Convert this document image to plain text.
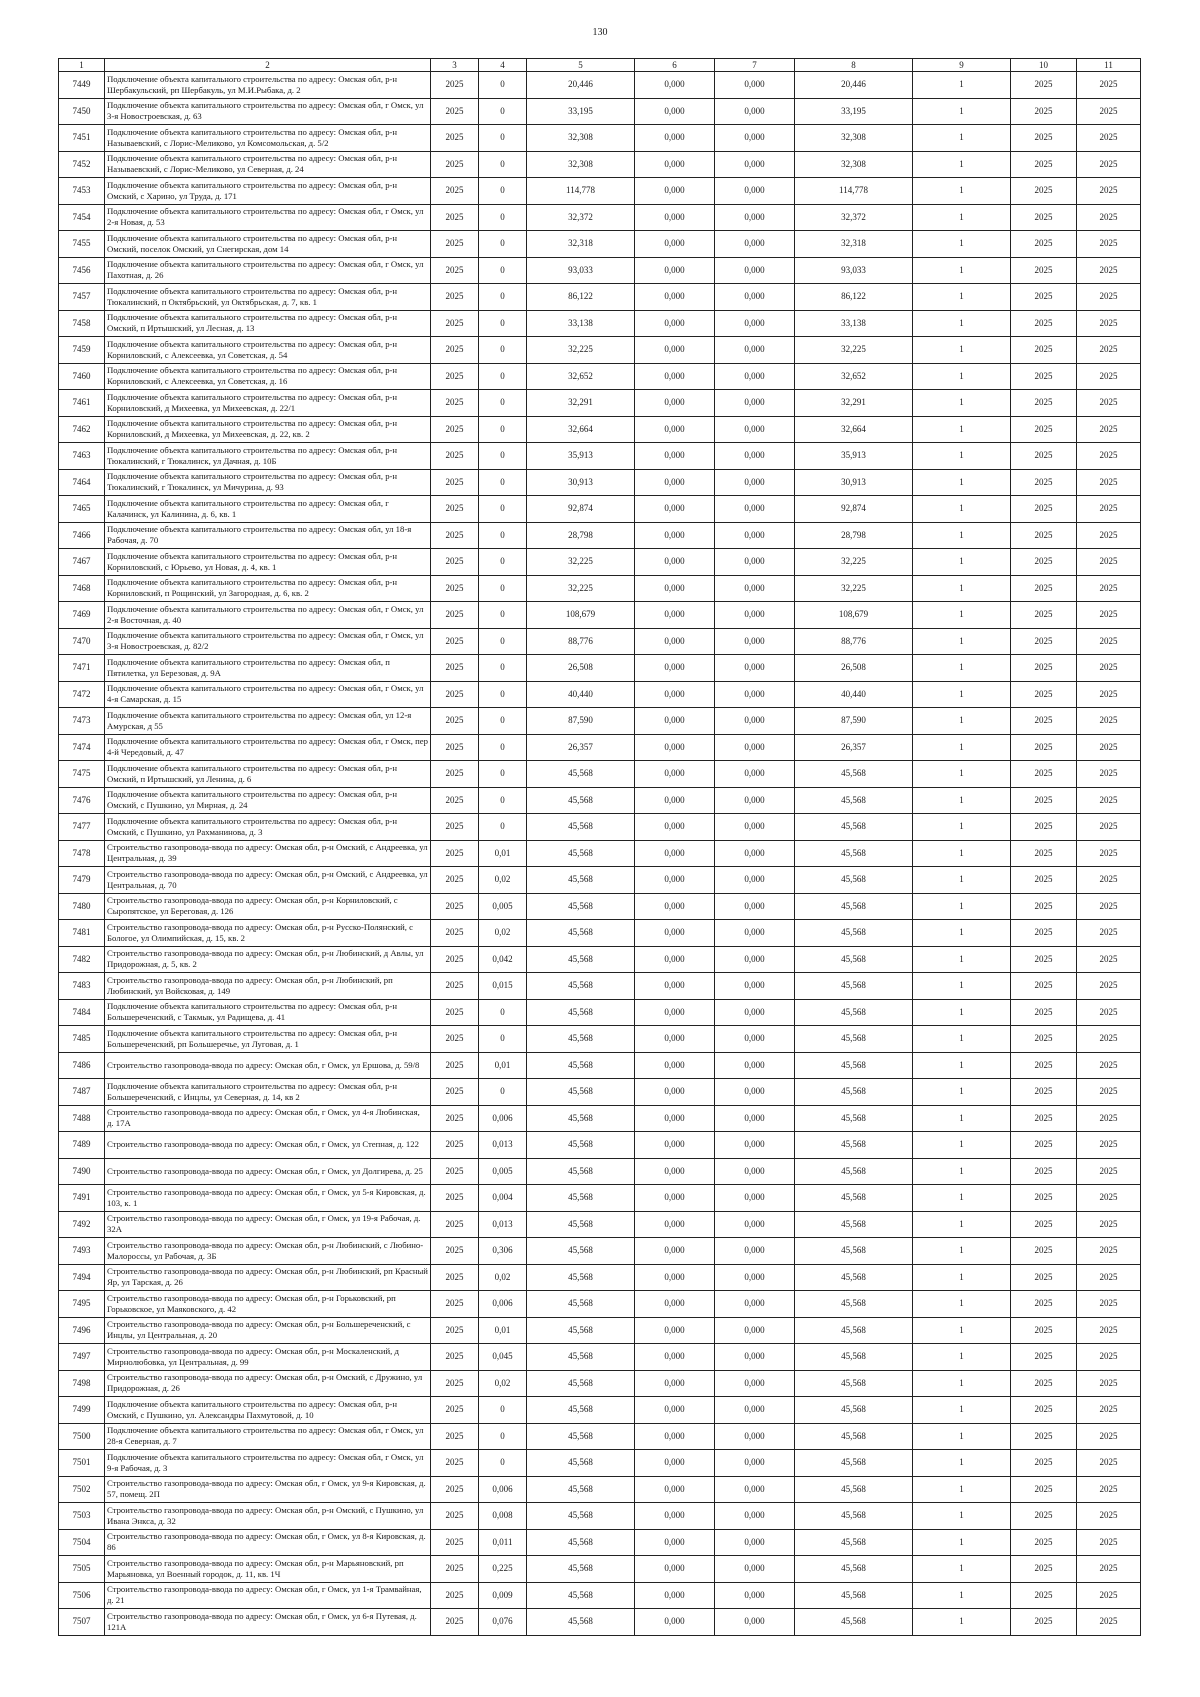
130
1	2	3	4	5	6	7	8	9	10	11
7449	Подключение объекта капитального строительства по адресу: Омская обл, р-н Шербакульский, рп Шербакуль, ул М.И.Рыбака, д. 2	2025	0	20,446	0,000	0,000	20,446	1	2025	2025
7450	Подключение объекта капитального строительства по адресу: Омская обл, г Омск, ул 3-я Новостроевская, д. 63	2025	0	33,195	0,000	0,000	33,195	1	2025	2025
7451	Подключение объекта капитального строительства по адресу: Омская обл, р-н Называевский, с Лорис-Меликово, ул Комсомольская, д. 5/2	2025	0	32,308	0,000	0,000	32,308	1	2025	2025
7452	Подключение объекта капитального строительства по адресу: Омская обл, р-н Называевский, с Лорис-Меликово, ул Северная, д. 24	2025	0	32,308	0,000	0,000	32,308	1	2025	2025
7453	Подключение объекта капитального строительства по адресу: Омская обл, р-н Омский, с Харино, ул Труда, д. 171	2025	0	114,778	0,000	0,000	114,778	1	2025	2025
7454	Подключение объекта капитального строительства по адресу: Омская обл, г Омск, ул 2-я Новая, д. 53	2025	0	32,372	0,000	0,000	32,372	1	2025	2025
7455	Подключение объекта капитального строительства по адресу: Омская обл, р-н Омский, поселок Омский, ул Снегирская, дом 14	2025	0	32,318	0,000	0,000	32,318	1	2025	2025
7456	Подключение объекта капитального строительства по адресу: Омская обл, г Омск, ул Пахотная, д. 26	2025	0	93,033	0,000	0,000	93,033	1	2025	2025
7457	Подключение объекта капитального строительства по адресу: Омская обл, р-н Тюкалинский, п Октябрьский, ул Октябрьская, д. 7, кв. 1	2025	0	86,122	0,000	0,000	86,122	1	2025	2025
7458	Подключение объекта капитального строительства по адресу: Омская обл, р-н Омский, п Иртышский, ул Лесная, д. 13	2025	0	33,138	0,000	0,000	33,138	1	2025	2025
7459	Подключение объекта капитального строительства по адресу: Омская обл, р-н Корниловский, с Алексеевка, ул Советская, д. 54	2025	0	32,225	0,000	0,000	32,225	1	2025	2025
7460	Подключение объекта капитального строительства по адресу: Омская обл, р-н Корниловский, с Алексеевка, ул Советская, д. 16	2025	0	32,652	0,000	0,000	32,652	1	2025	2025
7461	Подключение объекта капитального строительства по адресу: Омская обл, р-н Корниловский, д Михеевка, ул Михеевская, д. 22/1	2025	0	32,291	0,000	0,000	32,291	1	2025	2025
7462	Подключение объекта капитального строительства по адресу: Омская обл, р-н Корниловский, д Михеевка, ул Михеевская, д. 22, кв. 2	2025	0	32,664	0,000	0,000	32,664	1	2025	2025
7463	Подключение объекта капитального строительства по адресу: Омская обл, р-н Тюкалинский, г Тюкалинск, ул Дачная, д. 10Б	2025	0	35,913	0,000	0,000	35,913	1	2025	2025
7464	Подключение объекта капитального строительства по адресу: Омская обл, р-н Тюкалинский, г Тюкалинск, ул Мичурина, д. 93	2025	0	30,913	0,000	0,000	30,913	1	2025	2025
7465	Подключение объекта капитального строительства по адресу: Омская обл, г Калачинск, ул Калинина, д. 6, кв. 1	2025	0	92,874	0,000	0,000	92,874	1	2025	2025
7466	Подключение объекта капитального строительства по адресу: Омская обл, ул 18-я Рабочая, д. 70	2025	0	28,798	0,000	0,000	28,798	1	2025	2025
7467	Подключение объекта капитального строительства по адресу: Омская обл, р-н Корниловский, с Юрьево, ул Новая, д. 4, кв. 1	2025	0	32,225	0,000	0,000	32,225	1	2025	2025
7468	Подключение объекта капитального строительства по адресу: Омская обл, р-н Корниловский, п Рощинский, ул Загородная, д. 6, кв. 2	2025	0	32,225	0,000	0,000	32,225	1	2025	2025
7469	Подключение объекта капитального строительства по адресу: Омская обл, г Омск, ул 2-я Восточная, д. 40	2025	0	108,679	0,000	0,000	108,679	1	2025	2025
7470	Подключение объекта капитального строительства по адресу: Омская обл, г Омск, ул 3-я Новостроевская, д. 82/2	2025	0	88,776	0,000	0,000	88,776	1	2025	2025
7471	Подключение объекта капитального строительства по адресу: Омская обл, п Пятилетка, ул Березовая, д. 9А	2025	0	26,508	0,000	0,000	26,508	1	2025	2025
7472	Подключение объекта капитального строительства по адресу: Омская обл, г Омск, ул 4-я Самарская, д. 15	2025	0	40,440	0,000	0,000	40,440	1	2025	2025
7473	Подключение объекта капитального строительства по адресу: Омская обл, ул 12-я Амурская, д 55	2025	0	87,590	0,000	0,000	87,590	1	2025	2025
7474	Подключение объекта капитального строительства по адресу: Омская обл, г Омск, пер 4-й Чередовый, д. 47	2025	0	26,357	0,000	0,000	26,357	1	2025	2025
7475	Подключение объекта капитального строительства по адресу: Омская обл, р-н Омский, п Иртышский, ул Ленина, д. 6	2025	0	45,568	0,000	0,000	45,568	1	2025	2025
7476	Подключение объекта капитального строительства по адресу: Омская обл, р-н Омский, с Пушкино, ул Мирная, д. 24	2025	0	45,568	0,000	0,000	45,568	1	2025	2025
7477	Подключение объекта капитального строительства по адресу: Омская обл, р-н Омский, с Пушкино, ул Рахманинова, д. 3	2025	0	45,568	0,000	0,000	45,568	1	2025	2025
7478	Строительство газопровода-ввода по адресу: Омская обл, р-н Омский, с Андреевка, ул Центральная, д. 39	2025	0,01	45,568	0,000	0,000	45,568	1	2025	2025
7479	Строительство газопровода-ввода по адресу: Омская обл, р-н Омский, с Андреевка, ул Центральная, д. 70	2025	0,02	45,568	0,000	0,000	45,568	1	2025	2025
7480	Строительство газопровода-ввода по адресу: Омская обл, р-н Корниловский, с Сыропятское, ул Береговая, д. 126	2025	0,005	45,568	0,000	0,000	45,568	1	2025	2025
7481	Строительство газопровода-ввода по адресу: Омская обл, р-н Русско-Полянский, с Бологое, ул Олимпийская, д. 15, кв. 2	2025	0,02	45,568	0,000	0,000	45,568	1	2025	2025
7482	Строительство газопровода-ввода по адресу: Омская обл, р-н Любинский, д Авлы, ул Придорожная, д. 5, кв. 2	2025	0,042	45,568	0,000	0,000	45,568	1	2025	2025
7483	Строительство газопровода-ввода по адресу: Омская обл, р-н Любинский, рп Любинский, ул Войсковая, д. 149	2025	0,015	45,568	0,000	0,000	45,568	1	2025	2025
7484	Подключение объекта капитального строительства по адресу: Омская обл, р-н Большереченский, с Такмык, ул Радищева, д. 41	2025	0	45,568	0,000	0,000	45,568	1	2025	2025
7485	Подключение объекта капитального строительства по адресу: Омская обл, р-н Большереченский, рп Большеречье, ул Луговая, д. 1	2025	0	45,568	0,000	0,000	45,568	1	2025	2025
7486	Строительство газопровода-ввода по адресу: Омская обл, г Омск, ул Ершова, д. 59/8	2025	0,01	45,568	0,000	0,000	45,568	1	2025	2025
7487	Подключение объекта капитального строительства по адресу: Омская обл, р-н Большереченский, с Инцлы, ул Северная, д. 14, кв 2	2025	0	45,568	0,000	0,000	45,568	1	2025	2025
7488	Строительство газопровода-ввода по адресу: Омская обл, г Омск, ул 4-я Любинская, д. 17А	2025	0,006	45,568	0,000	0,000	45,568	1	2025	2025
7489	Строительство газопровода-ввода по адресу: Омская обл, г Омск, ул Степная, д. 122	2025	0,013	45,568	0,000	0,000	45,568	1	2025	2025
7490	Строительство газопровода-ввода по адресу: Омская обл, г Омск, ул Долгирева, д. 25	2025	0,005	45,568	0,000	0,000	45,568	1	2025	2025
7491	Строительство газопровода-ввода по адресу: Омская обл, г Омск, ул 5-я Кировская, д. 103, к. 1	2025	0,004	45,568	0,000	0,000	45,568	1	2025	2025
7492	Строительство газопровода-ввода по адресу: Омская обл, г Омск, ул 19-я Рабочая, д. 32А	2025	0,013	45,568	0,000	0,000	45,568	1	2025	2025
7493	Строительство газопровода-ввода по адресу: Омская обл, р-н Любинский, с Любино-Малороссы, ул Рабочая, д. 3Б	2025	0,306	45,568	0,000	0,000	45,568	1	2025	2025
7494	Строительство газопровода-ввода по адресу: Омская обл, р-н Любинский, рп Красный Яр, ул Тарская, д. 26	2025	0,02	45,568	0,000	0,000	45,568	1	2025	2025
7495	Строительство газопровода-ввода по адресу: Омская обл, р-н Горьковский, рп Горьковское, ул Маяковского, д. 42	2025	0,006	45,568	0,000	0,000	45,568	1	2025	2025
7496	Строительство газопровода-ввода по адресу: Омская обл, р-н Большереченский, с Инцлы, ул Центральная, д. 20	2025	0,01	45,568	0,000	0,000	45,568	1	2025	2025
7497	Строительство газопровода-ввода по адресу: Омская обл, р-н Москаленский, д Мирнолюбовка, ул Центральная, д. 99	2025	0,045	45,568	0,000	0,000	45,568	1	2025	2025
7498	Строительство газопровода-ввода по адресу: Омская обл, р-н Омский, с Дружино, ул Придорожная, д. 26	2025	0,02	45,568	0,000	0,000	45,568	1	2025	2025
7499	Подключение объекта капитального строительства по адресу: Омская обл, р-н Омский, с Пушкино, ул. Александры Пахмутовой, д. 10	2025	0	45,568	0,000	0,000	45,568	1	2025	2025
7500	Подключение объекта капитального строительства по адресу: Омская обл, г Омск, ул 28-я Северная, д. 7	2025	0	45,568	0,000	0,000	45,568	1	2025	2025
7501	Подключение объекта капитального строительства по адресу: Омская обл, г Омск, ул 9-я Рабочая, д. 3	2025	0	45,568	0,000	0,000	45,568	1	2025	2025
7502	Строительство газопровода-ввода по адресу: Омская обл, г Омск, ул 9-я Кировская, д. 57, помещ. 2П	2025	0,006	45,568	0,000	0,000	45,568	1	2025	2025
7503	Строительство газопровода-ввода по адресу: Омская обл, р-н Омский, с Пушкино, ул Ивана Энкса, д. 32	2025	0,008	45,568	0,000	0,000	45,568	1	2025	2025
7504	Строительство газопровода-ввода по адресу: Омская обл, г Омск, ул 8-я Кировская, д. 86	2025	0,011	45,568	0,000	0,000	45,568	1	2025	2025
7505	Строительство газопровода-ввода по адресу: Омская обл, р-н Марьяновский, рп Марьяновка, ул Военный городок, д. 11, кв. 1Ч	2025	0,225	45,568	0,000	0,000	45,568	1	2025	2025
7506	Строительство газопровода-ввода по адресу: Омская обл, г Омск, ул 1-я Трамвайная, д. 21	2025	0,009	45,568	0,000	0,000	45,568	1	2025	2025
7507	Строительство газопровода-ввода по адресу: Омская обл, г Омск, ул 6-я Путевая, д. 121А	2025	0,076	45,568	0,000	0,000	45,568	1	2025	2025
